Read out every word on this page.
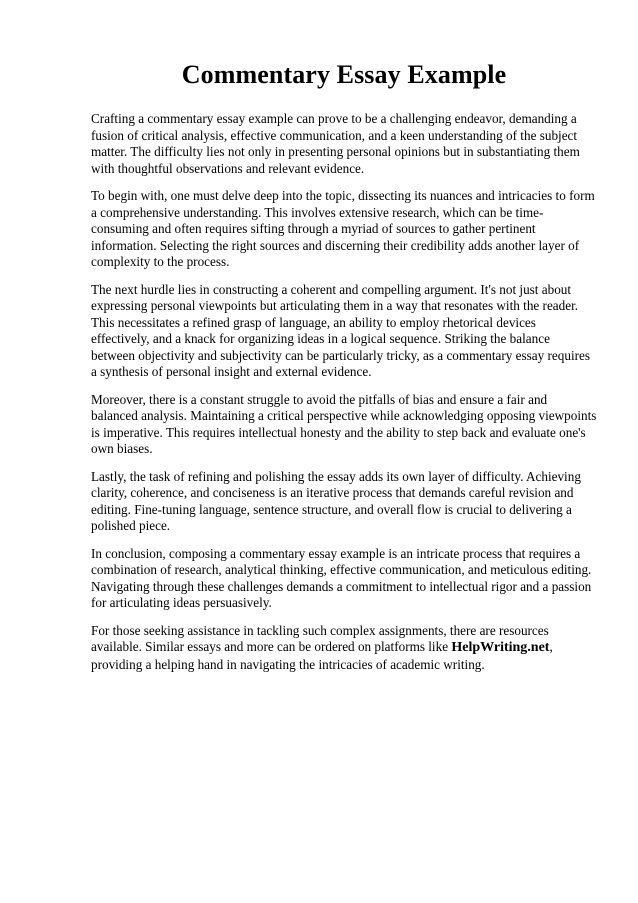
Commentary Essay Example

Crafting a commentary essay example can prove to be a challenging endeavor, demanding a fusion of critical analysis, effective communication, and a keen understanding of the subject matter. The difficulty lies not only in presenting personal opinions but in substantiating them with thoughtful observations and relevant evidence.

To begin with, one must delve deep into the topic, dissecting its nuances and intricacies to form a comprehensive understanding. This involves extensive research, which can be time-consuming and often requires sifting through a myriad of sources to gather pertinent information. Selecting the right sources and discerning their credibility adds another layer of complexity to the process.

The next hurdle lies in constructing a coherent and compelling argument. It's not just about expressing personal viewpoints but articulating them in a way that resonates with the reader. This necessitates a refined grasp of language, an ability to employ rhetorical devices effectively, and a knack for organizing ideas in a logical sequence. Striking the balance between objectivity and subjectivity can be particularly tricky, as a commentary essay requires a synthesis of personal insight and external evidence.

Moreover, there is a constant struggle to avoid the pitfalls of bias and ensure a fair and balanced analysis. Maintaining a critical perspective while acknowledging opposing viewpoints is imperative. This requires intellectual honesty and the ability to step back and evaluate one's own biases.

Lastly, the task of refining and polishing the essay adds its own layer of difficulty. Achieving clarity, coherence, and conciseness is an iterative process that demands careful revision and editing. Fine-tuning language, sentence structure, and overall flow is crucial to delivering a polished piece.

In conclusion, composing a commentary essay example is an intricate process that requires a combination of research, analytical thinking, effective communication, and meticulous editing. Navigating through these challenges demands a commitment to intellectual rigor and a passion for articulating ideas persuasively.

For those seeking assistance in tackling such complex assignments, there are resources available. Similar essays and more can be ordered on platforms like HelpWriting.net, providing a helping hand in navigating the intricacies of academic writing.
